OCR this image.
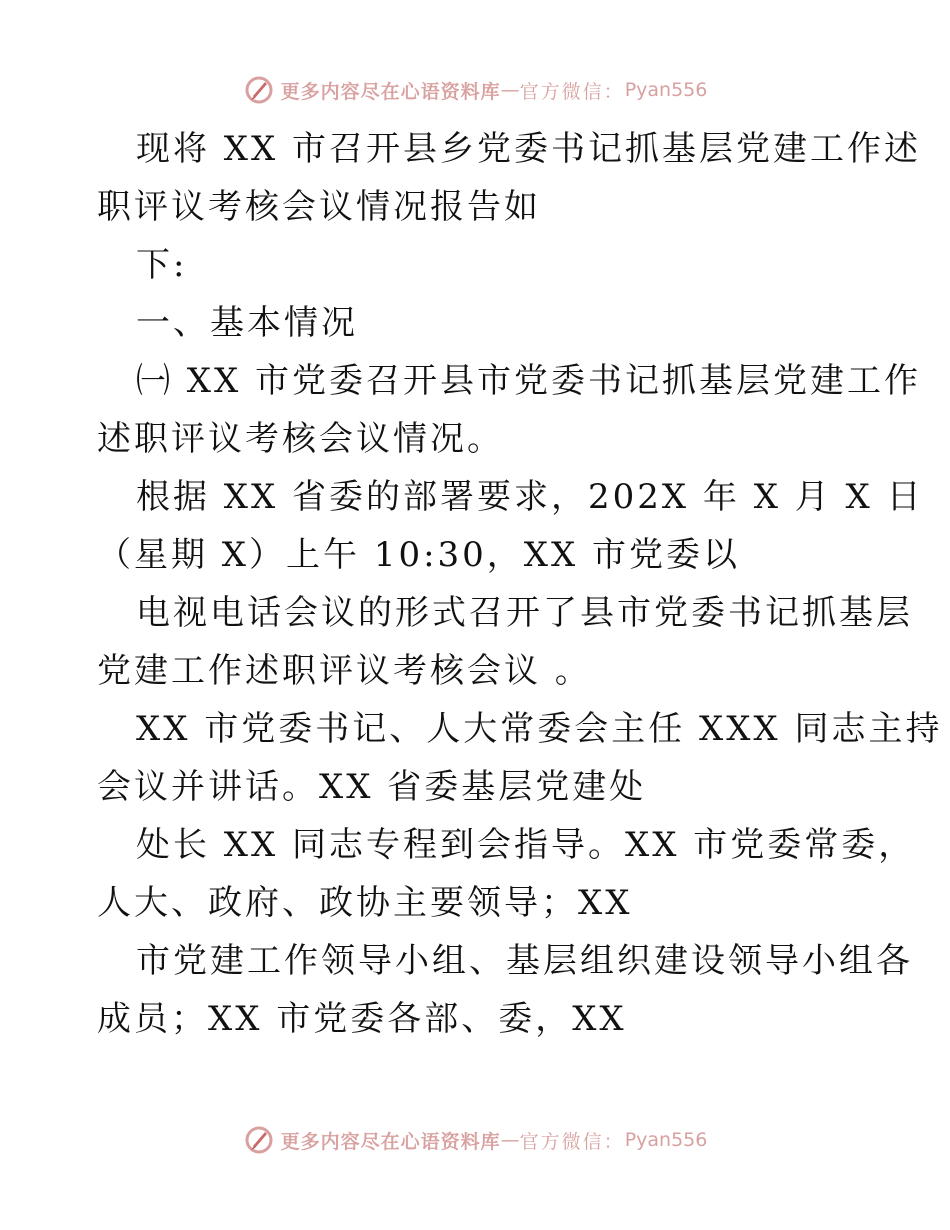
更多内容尽在心语资料库 — 官方微信： Pyan556
现将 XX 市召开县乡党委书记抓基层党建工作述
职评议考核会议情况报告如
下:
一、基本情况
㈠ XX 市党委召开县市党委书记抓基层党建工作
述职评议考核会议情况。
根据 XX 省委的部署要求，202X 年 X 月 X 日
（星期 X）上午 10:30，XX 市党委以
电视电话会议的形式召开了县市党委书记抓基层
党建工作述职评议考核会议 。
XX 市党委书记、人大常委会主任 XXX 同志主持
会议并讲话。XX 省委基层党建处
处长 XX 同志专程到会指导。XX 市党委常委，
人大、政府、政协主要领导；XX
市党建工作领导小组、基层组织建设领导小组各
成员；XX 市党委各部、委，XX
更多内容尽在心语资料库 — 官方微信： Pyan556
